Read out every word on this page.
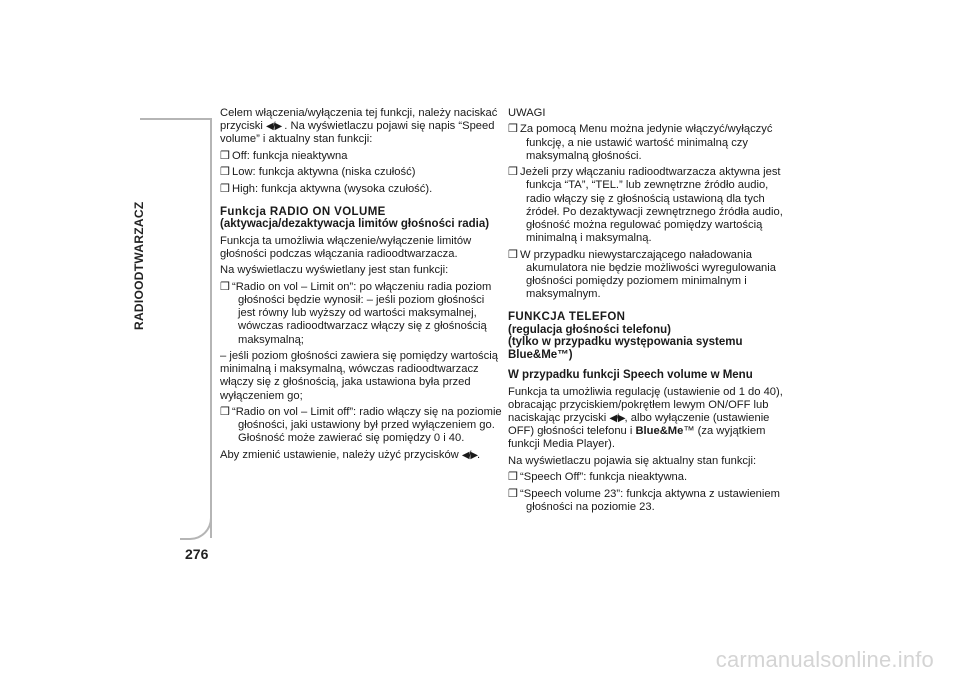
RADIOODTWARZACZ
276

Celem włączenia/wyłączenia tej funkcji, należy naciskać przyciski ◀/▶ . Na wyświetlaczu pojawi się napis “Speed volume” i aktualny stan funkcji:

❒ Off: funkcja nieaktywna
❒ Low: funkcja aktywna (niska czułość)
❒ High: funkcja aktywna (wysoka czułość).
Funkcja RADIO ON VOLUME
(aktywacja/dezaktywacja limitów głośności radia)

Funkcja ta umożliwia włączenie/wyłączenie limitów głośności podczas włączania radioodtwarzacza.

Na wyświetlaczu wyświetlany jest stan funkcji:

❒ “Radio on vol – Limit on”: po włączeniu radia poziom głośności będzie wynosił: – jeśli poziom głośności jest równy lub wyższy od wartości maksymalnej, wówczas radioodtwarzacz włączy się z głośnością maksymalną;

– jeśli poziom głośności zawiera się pomiędzy wartością minimalną i maksymalną, wówczas radioodtwarzacz włączy się z głośnością, jaka ustawiona była przed wyłączeniem go;

❒ “Radio on vol – Limit off”: radio włączy się na poziomie głośności, jaki ustawiony był przed wyłączeniem go. Głośność może zawierać się pomiędzy 0 i 40.

Aby zmienić ustawienie, należy użyć przycisków ◀/▶.

UWAGI

❒ Za pomocą Menu można jedynie włączyć/wyłączyć funkcję, a nie ustawić wartość minimalną czy maksymalną głośności.
❒ Jeżeli przy włączaniu radioodtwarzacza aktywna jest funkcja “TA”, “TEL.” lub zewnętrzne źródło audio, radio włączy się z głośnością ustawioną dla tych źródeł. Po dezaktywacji zewnętrznego źródła audio, głośność można regulować pomiędzy wartością minimalną i maksymalną.
❒ W przypadku niewystarczającego naładowania akumulatora nie będzie możliwości wyregulowania głośności pomiędzy poziomem minimalnym i maksymalnym.
FUNKCJA TELEFON
(regulacja głośności telefonu)
(tylko w przypadku występowania systemu
Blue&Me™)
W przypadku funkcji Speech volume w Menu

Funkcja ta umożliwia regulację (ustawienie od 1 do 40), obracając przyciskiem/pokrętłem lewym ON/OFF lub naciskając przyciski ◀/▶, albo wyłączenie (ustawienie OFF) głośności telefonu i Blue&Me™ (za wyjątkiem funkcji Media Player).

Na wyświetlaczu pojawia się aktualny stan funkcji:

❒ “Speech Off”: funkcja nieaktywna.
❒ “Speech volume 23”: funkcja aktywna z ustawieniem głośności na poziomie 23.
carmanualsonline.info
